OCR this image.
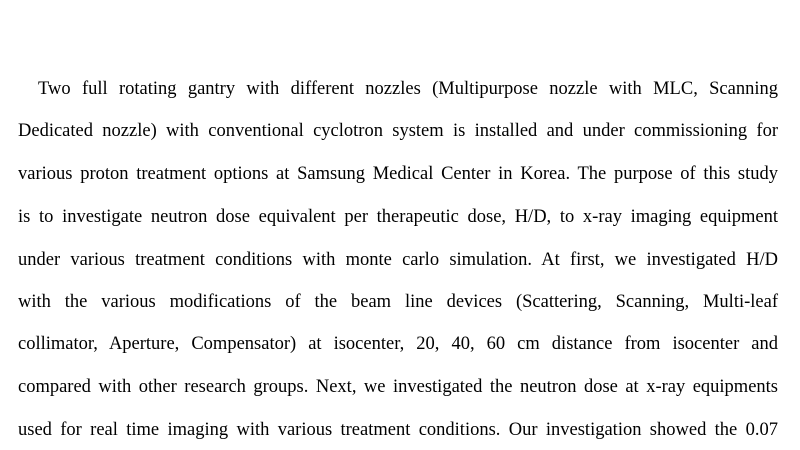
Two full rotating gantry with different nozzles (Multipurpose nozzle with MLC, Scanning
Dedicated nozzle) with conventional cyclotron system is installed and under commissioning for
various proton treatment options at Samsung Medical Center in Korea. The purpose of this study
is to investigate neutron dose equivalent per therapeutic dose, H/D, to x-ray imaging equipment
under various treatment conditions with monte carlo simulation. At first, we investigated H/D
with the various modifications of the beam line devices (Scattering, Scanning, Multi-leaf
collimator, Aperture, Compensator) at isocenter, 20, 40, 60 cm distance from isocenter and
compared with other research groups. Next, we investigated the neutron dose at x-ray equipments
used for real time imaging with various treatment conditions. Our investigation showed the 0.07
